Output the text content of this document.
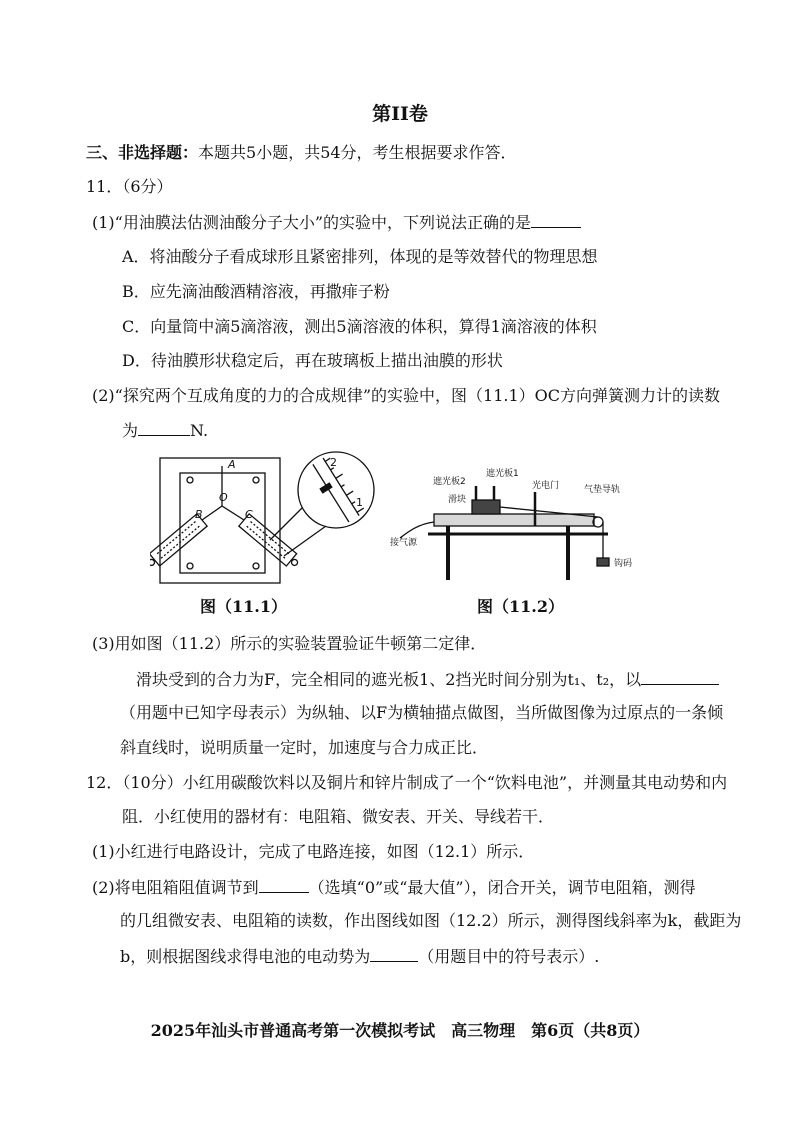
第II卷
三、非选择题：本题共5小题，共54分，考生根据要求作答．
11．（6分）
(1)“用油膜法估测油酸分子大小”的实验中，下列说法正确的是
A．将油酸分子看成球形且紧密排列，体现的是等效替代的物理思想
B．应先滴油酸酒精溶液，再撒痱子粉
C．向量筒中滴5滴溶液，测出5滴溶液的体积，算得1滴溶液的体积
D．待油膜形状稳定后，再在玻璃板上描出油膜的形状
(2)“探究两个互成角度的力的合成规律”的实验中，图（11.1）OC方向弹簧测力计的读数
为	N.
A
O
B	C
2
1
图（11.1）
遮光板2
遮光板1
光电门	气垫导轨
滑块
接气源
钩码
图（11.2）
(3)用如图（11.2）所示的实验装置验证牛顿第二定律．
滑块受到的合力为F，完全相同的遮光板1、2挡光时间分别为t₁、t₂，以
（用题中已知字母表示）为纵轴、以F为横轴描点做图，当所做图像为过原点的一条倾
斜直线时，说明质量一定时，加速度与合力成正比．
12．（10分）小红用碳酸饮料以及铜片和锌片制成了一个“饮料电池”，并测量其电动势和内
阻．小红使用的器材有：电阻箱、微安表、开关、导线若干．
(1)小红进行电路设计，完成了电路连接，如图（12.1）所示．
(2)将电阻箱阻值调节到	（选填“0”或“最大值”），闭合开关，调节电阻箱，测得
的几组微安表、电阻箱的读数，作出图线如图（12.2）所示，测得图线斜率为k，截距为
b，则根据图线求得电池的电动势为	（用题目中的符号表示）.
2025年汕头市普通高考第一次模拟考试　高三物理　第6页（共8页）
